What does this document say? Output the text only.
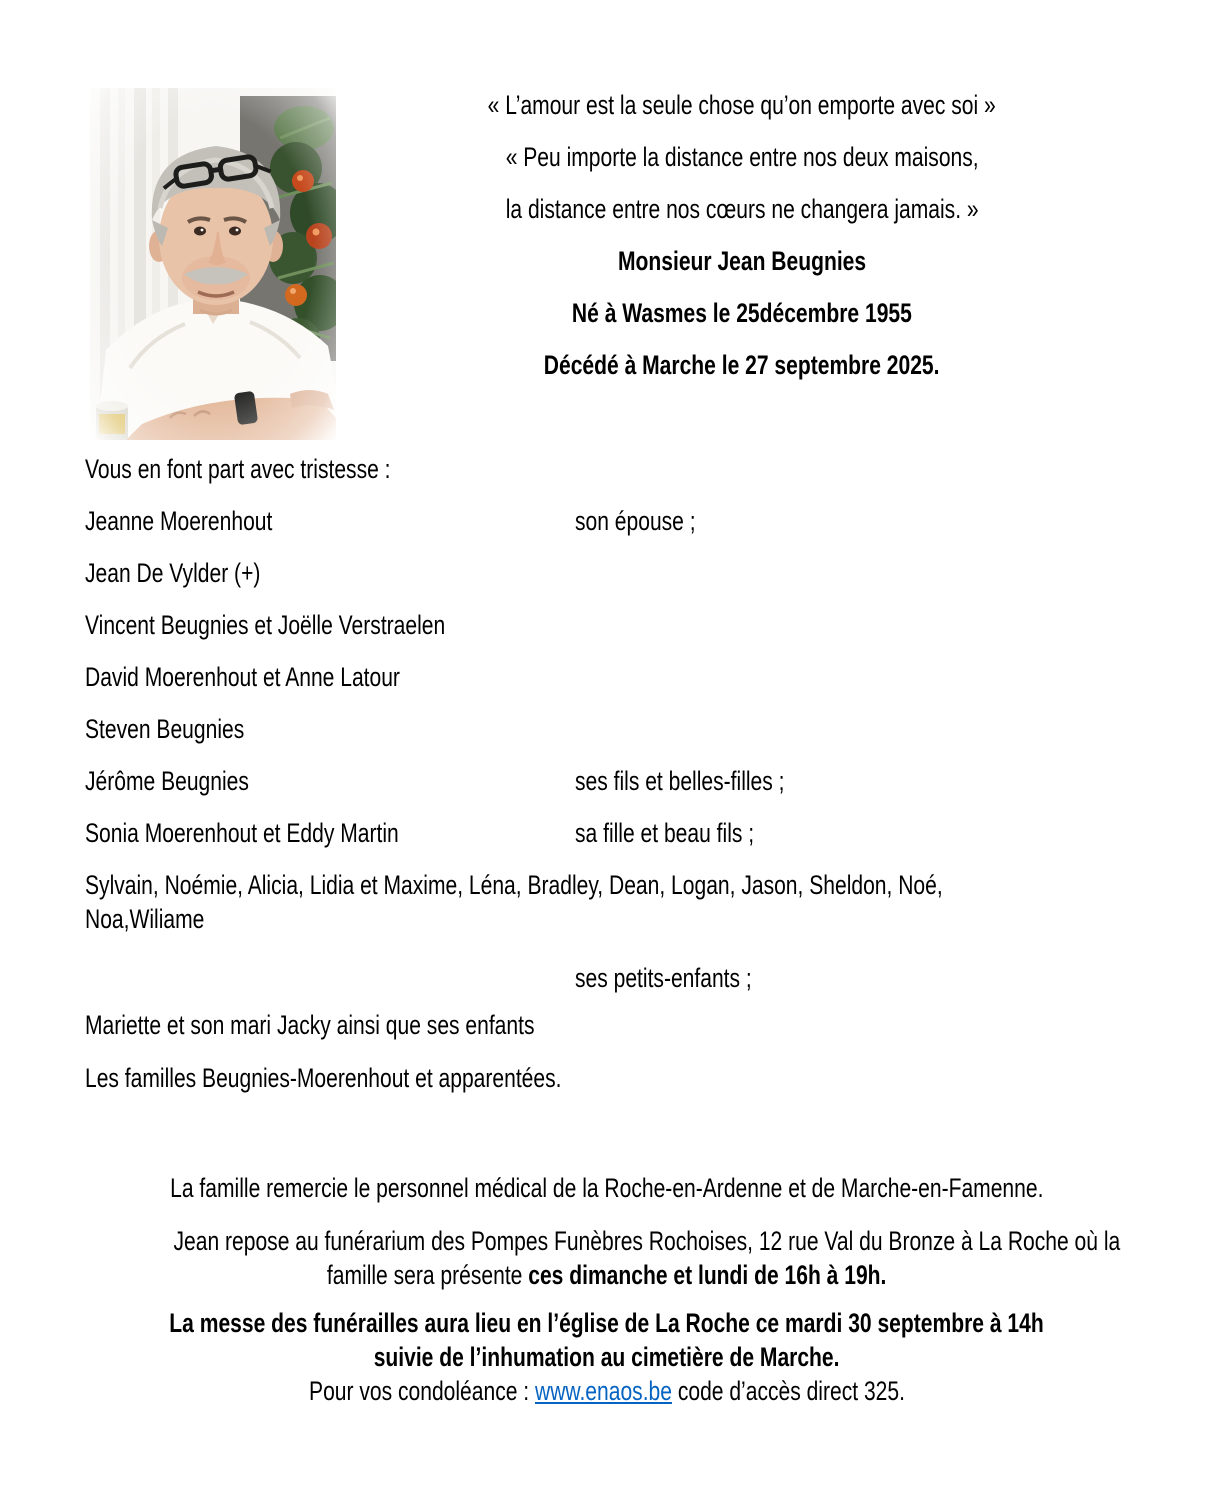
« L’amour est la seule chose qu’on emporte avec soi »
« Peu importe la distance entre nos deux maisons,
la distance entre nos cœurs ne changera jamais. »
Monsieur Jean Beugnies
Né à Wasmes le 25décembre 1955
Décédé à Marche le 27 septembre 2025.
Vous en font part avec tristesse :
Jeanne Moerenhout	son épouse ;
Jean De Vylder (+)
Vincent Beugnies et Joëlle Verstraelen
David Moerenhout et Anne Latour
Steven Beugnies
Jérôme Beugnies	ses fils et belles-filles ;
Sonia Moerenhout et Eddy Martin	sa fille et beau fils ;
Sylvain, Noémie, Alicia, Lidia et Maxime, Léna, Bradley, Dean, Logan, Jason, Sheldon, Noé,
Noa,Wiliame
ses petits-enfants ;
Mariette et son mari Jacky ainsi que ses enfants
Les familles Beugnies-Moerenhout et apparentées.
La famille remercie le personnel médical de la Roche-en-Ardenne et de Marche-en-Famenne.
Jean repose au funérarium des Pompes Funèbres Rochoises, 12 rue Val du Bronze à La Roche où la
famille sera présente ces dimanche et lundi de 16h à 19h.
La messe des funérailles aura lieu en l’église de La Roche ce mardi 30 septembre à 14h
suivie de l’inhumation au cimetière de Marche.
Pour vos condoléance : www.enaos.be code d’accès direct 325.
